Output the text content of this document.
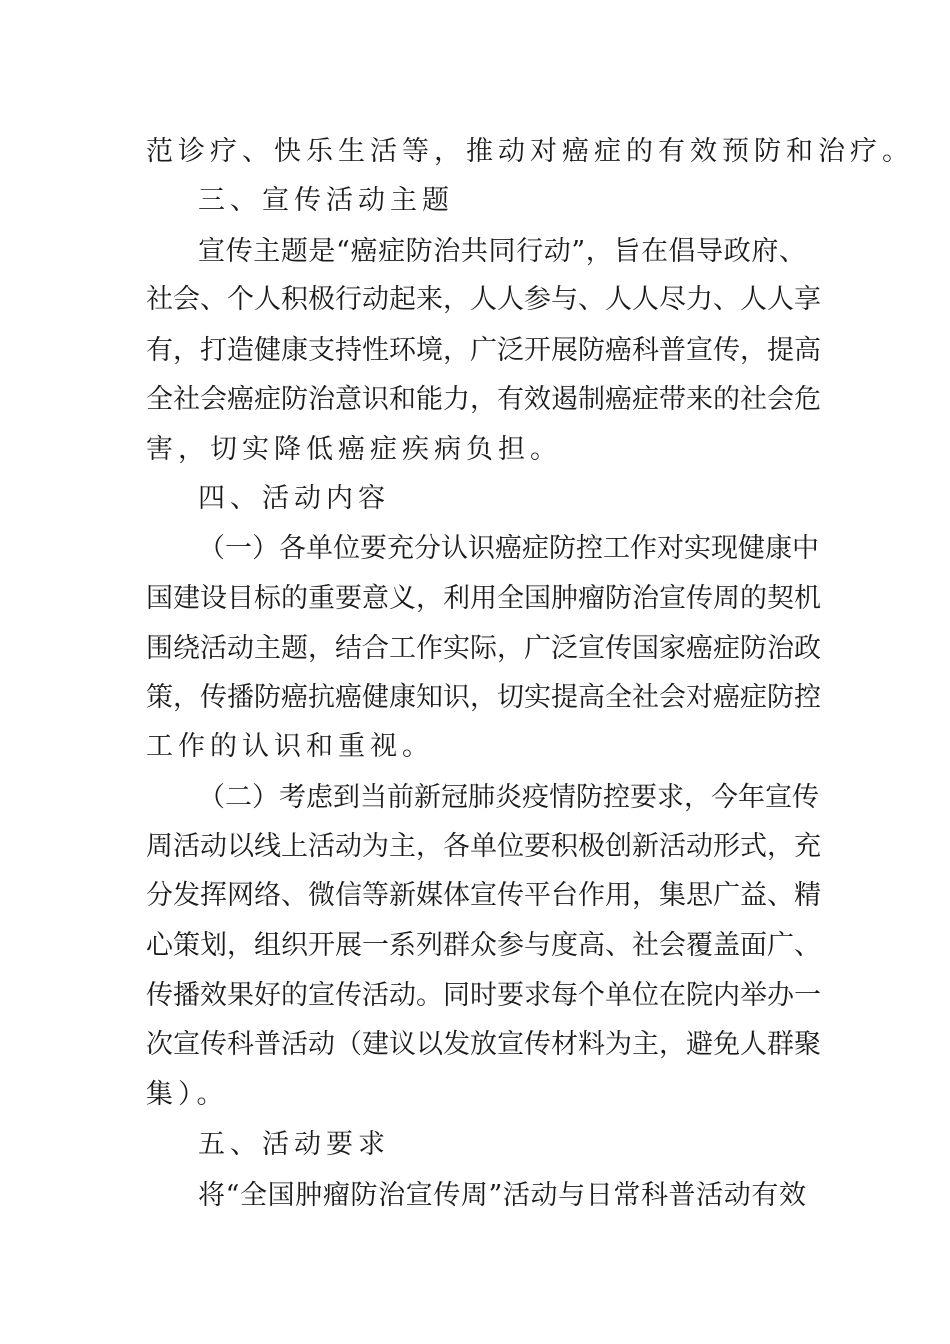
范诊疗、快乐生活等，推动对癌症的有效预防和治疗。
三、宣传活动主题
宣传主题是“癌症防治共同行动”，旨在倡导政府、
社会、个人积极行动起来，人人参与、人人尽力、人人享
有，打造健康支持性环境，广泛开展防癌科普宣传，提高
全社会癌症防治意识和能力，有效遏制癌症带来的社会危
害，切实降低癌症疾病负担。
四、活动内容
（一）各单位要充分认识癌症防控工作对实现健康中
国建设目标的重要意义，利用全国肿瘤防治宣传周的契机
围绕活动主题，结合工作实际，广泛宣传国家癌症防治政
策，传播防癌抗癌健康知识，切实提高全社会对癌症防控
工作的认识和重视。
（二）考虑到当前新冠肺炎疫情防控要求，今年宣传
周活动以线上活动为主，各单位要积极创新活动形式，充
分发挥网络、微信等新媒体宣传平台作用，集思广益、精
心策划，组织开展一系列群众参与度高、社会覆盖面广、
传播效果好的宣传活动。同时要求每个单位在院内举办一
次宣传科普活动（建议以发放宣传材料为主，避免人群聚
集）。
五、活动要求
将“全国肿瘤防治宣传周”活动与日常科普活动有效
